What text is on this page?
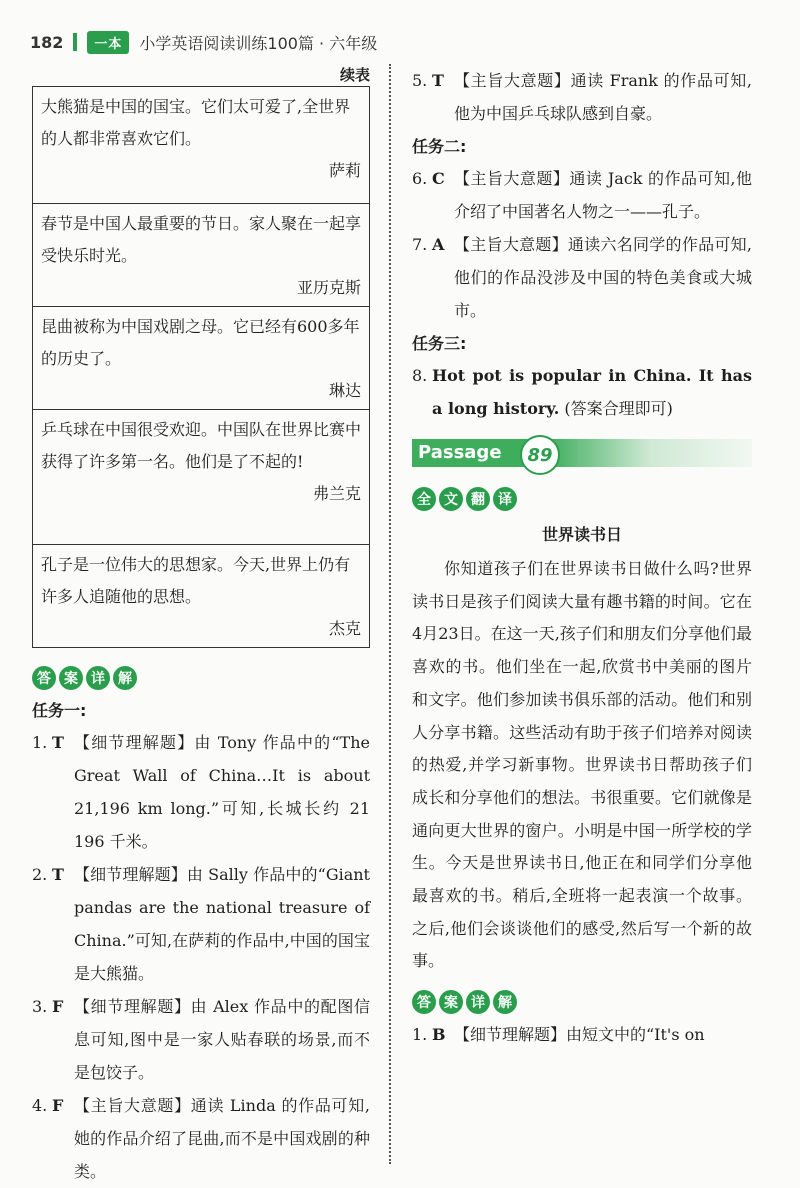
182	一本	小学英语阅读训练100篇 · 六年级
续表
大熊猫是中国的国宝。它们太可爱了,全世界的人都非常喜欢它们。
萨莉

春节是中国人最重要的节日。家人聚在一起享受快乐时光。
亚历克斯

昆曲被称为中国戏剧之母。它已经有600多年的历史了。
琳达

乒乓球在中国很受欢迎。中国队在世界比赛中获得了许多第一名。他们是了不起的!
弗兰克

孔子是一位伟大的思想家。今天,世界上仍有许多人追随他的思想。
杰克
答 案 详 解
任务一:
1. T 【细节理解题】由 Tony 作品中的“The Great Wall of China…It is about 21,196 km long.”可知,长城长约 21 196 千米。
2. T 【细节理解题】由 Sally 作品中的“Giant pandas are the national treasure of China.”可知,在萨莉的作品中,中国的国宝是大熊猫。
3. F 【细节理解题】由 Alex 作品中的配图信息可知,图中是一家人贴春联的场景,而不是包饺子。
4. F 【主旨大意题】通读 Linda 的作品可知,她的作品介绍了昆曲,而不是中国戏剧的种类。
5. T 【主旨大意题】通读 Frank 的作品可知,他为中国乒乓球队感到自豪。
任务二:
6. C 【主旨大意题】通读 Jack 的作品可知,他介绍了中国著名人物之一——孔子。
7. A 【主旨大意题】通读六名同学的作品可知,他们的作品没涉及中国的特色美食或大城市。
任务三:
8. Hot pot is popular in China. It has a long history. (答案合理即可)
Passage	89
全 文 翻 译
世界读书日
你知道孩子们在世界读书日做什么吗?世界读书日是孩子们阅读大量有趣书籍的时间。它在4月23日。在这一天,孩子们和朋友们分享他们最喜欢的书。他们坐在一起,欣赏书中美丽的图片和文字。他们参加读书俱乐部的活动。他们和别人分享书籍。这些活动有助于孩子们培养对阅读的热爱,并学习新事物。世界读书日帮助孩子们成长和分享他们的想法。书很重要。它们就像是通向更大世界的窗户。小明是中国一所学校的学生。今天是世界读书日,他正在和同学们分享他最喜欢的书。稍后,全班将一起表演一个故事。之后,他们会谈谈他们的感受,然后写一个新的故事。
答 案 详 解
1. B 【细节理解题】由短文中的“It's on
